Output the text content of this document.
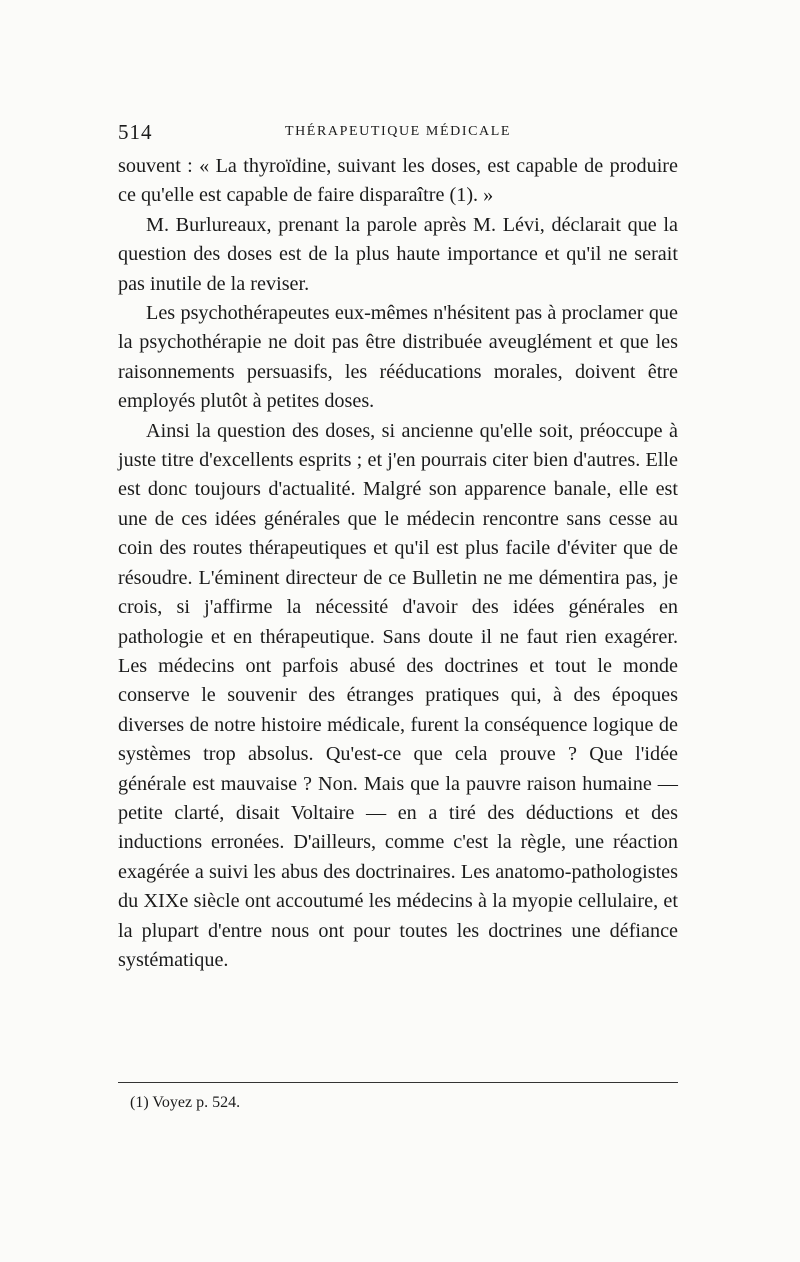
514	THÉRAPEUTIQUE MÉDICALE

souvent : « La thyroïdine, suivant les doses, est capable de produire ce qu'elle est capable de faire disparaître (1). »

M. Burlureaux, prenant la parole après M. Lévi, déclarait que la question des doses est de la plus haute importance et qu'il ne serait pas inutile de la reviser.

Les psychothérapeutes eux-mêmes n'hésitent pas à proclamer que la psychothérapie ne doit pas être distribuée aveuglément et que les raisonnements persuasifs, les rééducations morales, doivent être employés plutôt à petites doses.

Ainsi la question des doses, si ancienne qu'elle soit, préoccupe à juste titre d'excellents esprits ; et j'en pourrais citer bien d'autres. Elle est donc toujours d'actualité. Malgré son apparence banale, elle est une de ces idées générales que le médecin rencontre sans cesse au coin des routes thérapeutiques et qu'il est plus facile d'éviter que de résoudre. L'éminent directeur de ce Bulletin ne me démentira pas, je crois, si j'affirme la nécessité d'avoir des idées générales en pathologie et en thérapeutique. Sans doute il ne faut rien exagérer. Les médecins ont parfois abusé des doctrines et tout le monde conserve le souvenir des étranges pratiques qui, à des époques diverses de notre histoire médicale, furent la conséquence logique de systèmes trop absolus. Qu'est-ce que cela prouve ? Que l'idée générale est mauvaise ? Non. Mais que la pauvre raison humaine — petite clarté, disait Voltaire — en a tiré des déductions et des inductions erronées. D'ailleurs, comme c'est la règle, une réaction exagérée a suivi les abus des doctrinaires. Les anatomo-pathologistes du XIXe siècle ont accoutumé les médecins à la myopie cellulaire, et la plupart d'entre nous ont pour toutes les doctrines une défiance systématique.

(1) Voyez p. 524.
